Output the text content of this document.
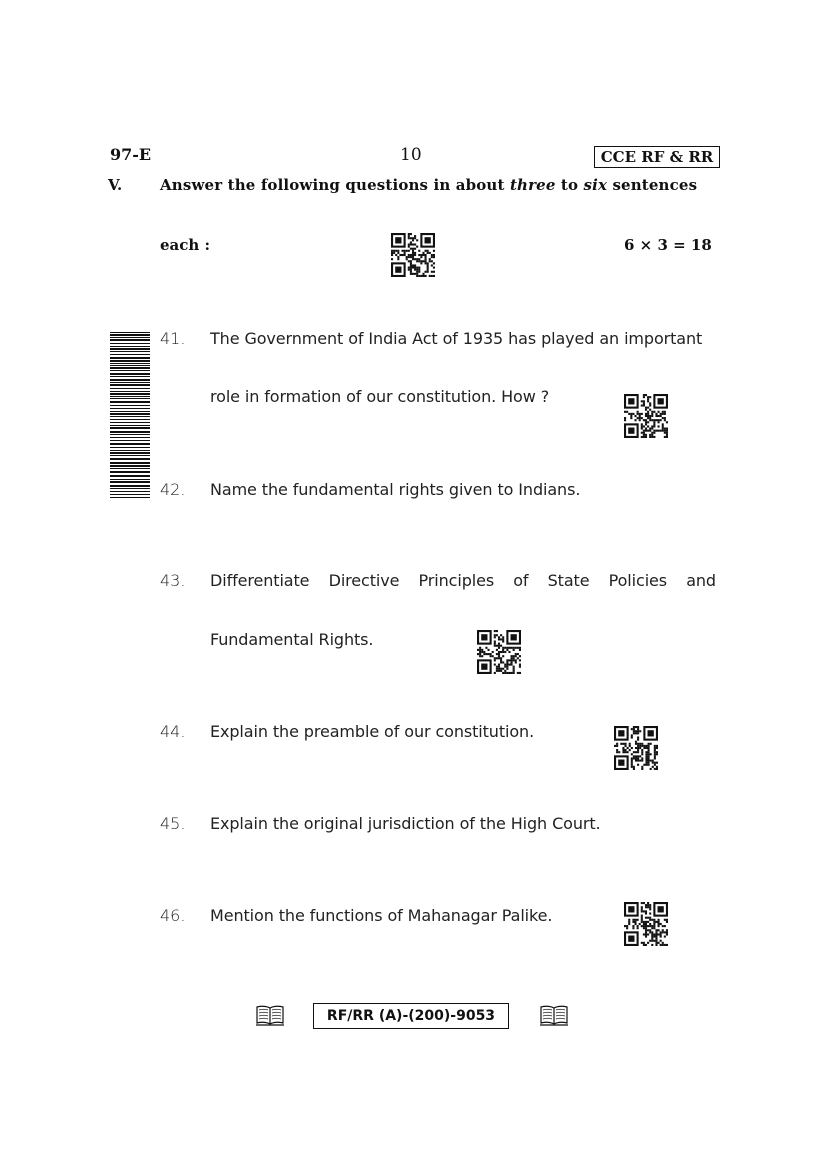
97-E	10	CCE RF & RR
V.	Answer the following questions in about three to six sentences
each :	6 × 3 = 18
41. The Government of India Act of 1935 has played an important
role in formation of our constitution. How ?
42. Name the fundamental rights given to Indians.
43. Differentiate Directive Principles of State Policies and
Fundamental Rights.
44. Explain the preamble of our constitution.
45. Explain the original jurisdiction of the High Court.
46. Mention the functions of Mahanagar Palike.
RF/RR (A)-(200)-9053
